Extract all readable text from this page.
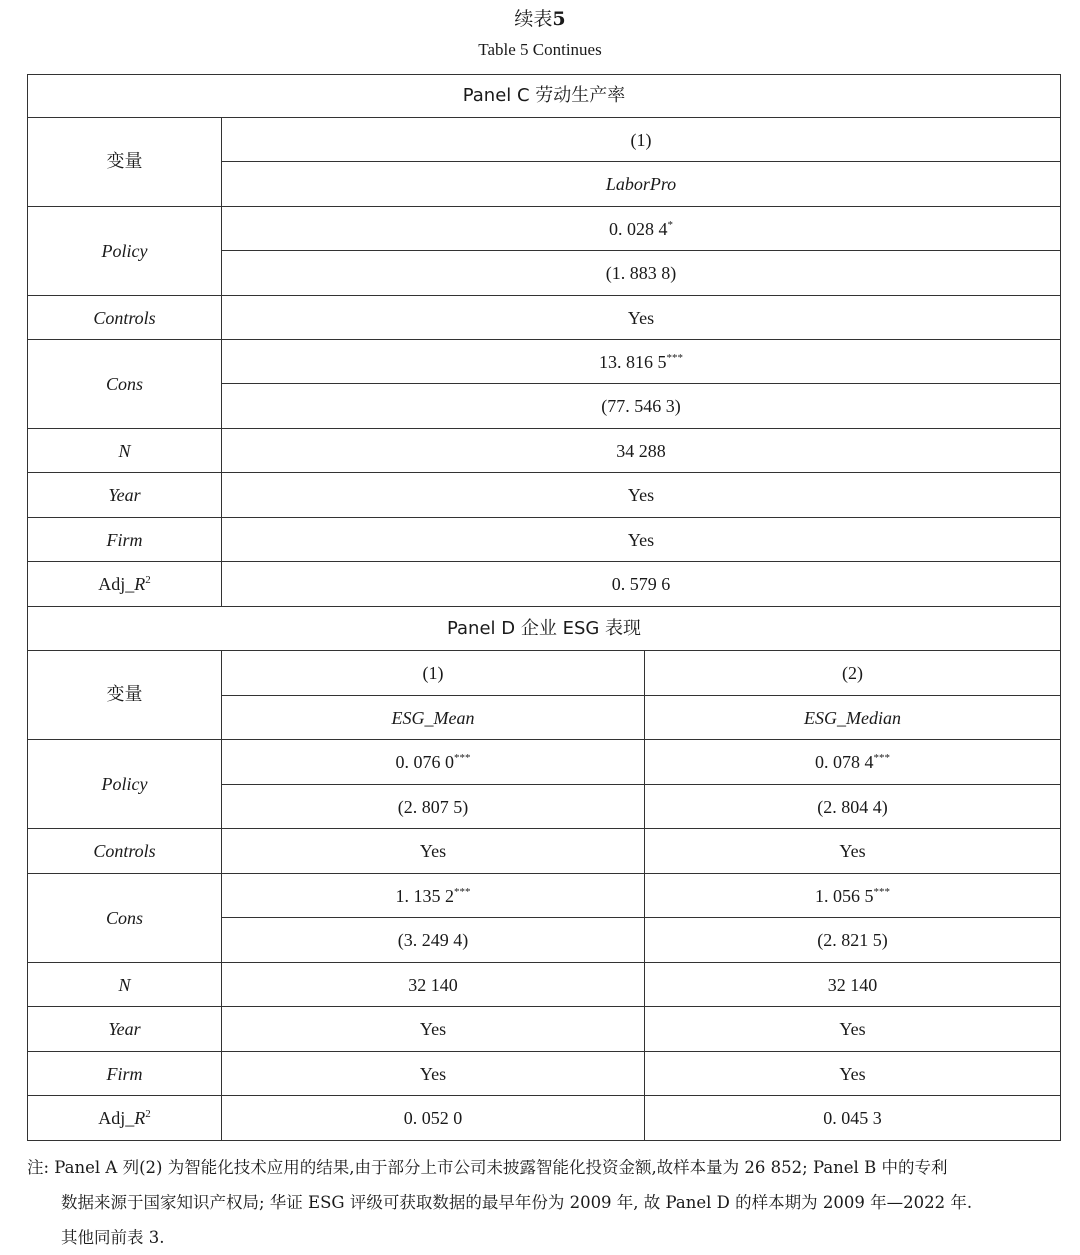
续表5
Table 5 Continues
Panel C 劳动生产率		
变量	(1)	
	LaborPro	
Policy	0. 028 4*
	(1. 883 8)	
Controls	Yes	
Cons	13. 816 5***
	(77. 546 3)	
N	34 288	
Year	Yes	
Firm	Yes	
$Adj\_R^2$	0. 579 6	
Panel D 企业 ESG 表现		
变量	(1)	(2)
	ESG_Mean	ESG_Median
Policy	0. 076 0***	0. 078 4***
	(2. 807 5)	(2. 804 4)
Controls	Yes	Yes
Cons	1. 135 2***	1. 056 5***
	(3. 249 4)	(2. 821 5)
N	32 140	32 140
Year	Yes	Yes
Firm	Yes	Yes
$Adj\_R^2$	0. 052 0	0. 045 3
注: Panel A 列(2) 为智能化技术应用的结果,由于部分上市公司未披露智能化投资金额,故样本量为 26 852; Panel B 中的专利
数据来源于国家知识产权局; 华证 ESG 评级可获取数据的最早年份为 2009 年, 故 Panel D 的样本期为 2009 年—2022 年.
其他同前表 3.
